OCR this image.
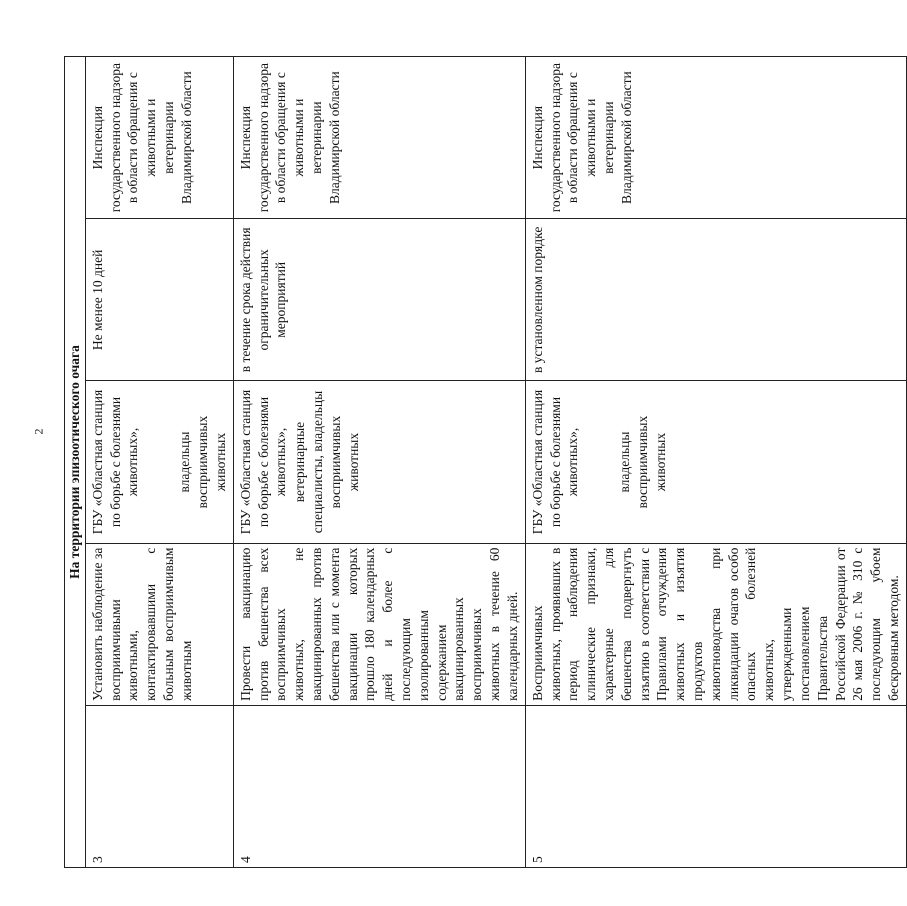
2 На территории эпизоотического очага				
3	Установить наблюдение за восприимчивыми животными, контактировавшими с больным восприимчивым животным	ГБУ «Областная станция по борьбе с болезнями животных», владельцы восприимчивых животных	Не менее 10 дней	Инспекция государственного надзора в области обращения с животными и ветеринарии Владимирской области
4	Провести вакцинацию против бешенства всех восприимчивых животных, не вакцинированных против бешенства или с момента вакцинации которых прошло 180 календарных дней и более с последующим изолированным содержанием вакцинированных восприимчивых животных в течение 60 календарных дней.	ГБУ «Областная станция по борьбе с болезнями животных», ветеринарные специалисты, владельцы восприимчивых животных	в течение срока действия ограничительных мероприятий	Инспекция государственного надзора в области обращения с животными и ветеринарии Владимирской области
5	Восприимчивых животных, проявивших в период наблюдения клинические признаки, характерные для бешенства подвергнуть изъятию в соответствии с Правилами отчуждения животных и изъятия продуктов животноводства при ликвидации очагов особо опасных болезней животных, утвержденными постановлением Правительства Российской Федерации от 26 мая 2006 г. № 310 с последующим убоем бескровным методом.	ГБУ «Областная станция по борьбе с болезнями животных», владельцы восприимчивых животных	в установленном порядке	Инспекция государственного надзора в области обращения с животными и ветеринарии Владимирской области
